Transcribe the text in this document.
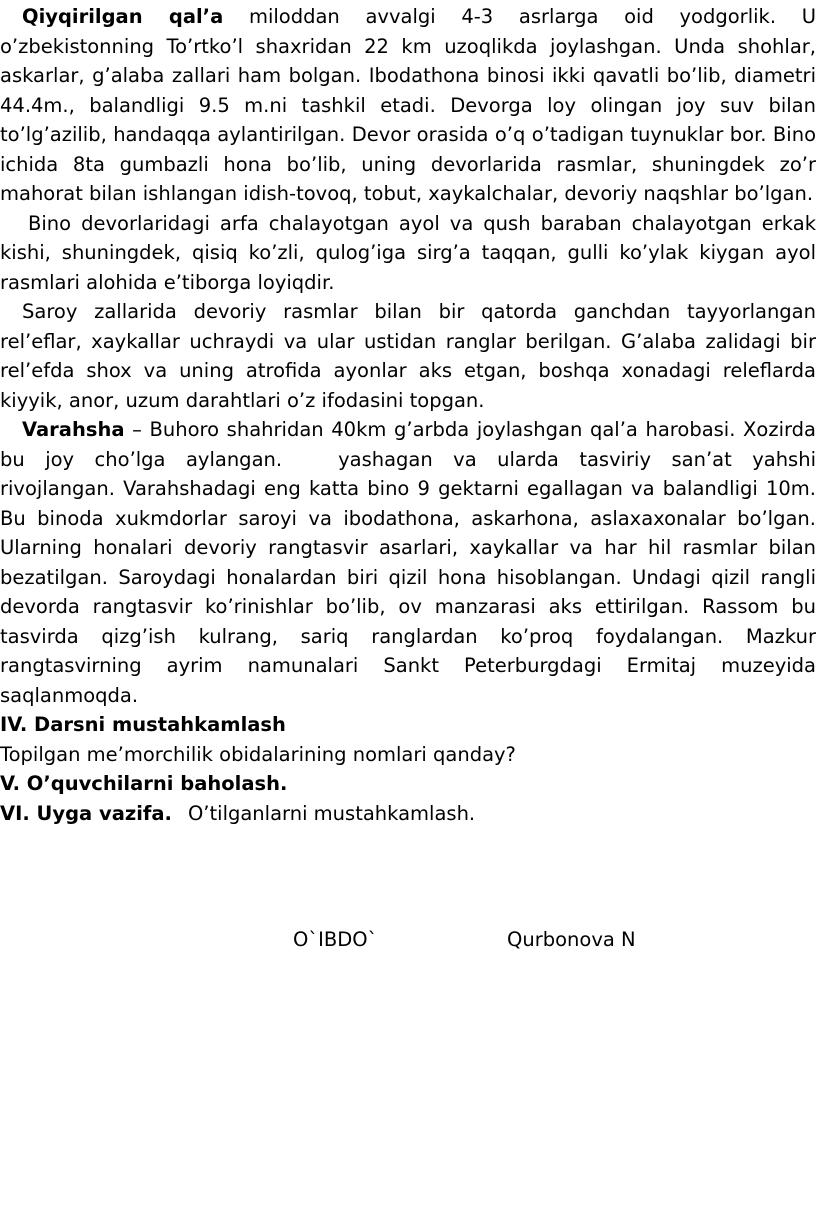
Qiyqirilgan qal’a miloddan avvalgi 4-3 asrlarga oid yodgorlik. U o’zbekistonning To’rtko’l shaxridan 22 km uzoqlikda joylashgan. Unda shohlar, askarlar, g’alaba zallari ham bolgan. Ibodathona binosi ikki qavatli bo’lib, diametri 44.4m., balandligi 9.5 m.ni tashkil etadi. Devorga loy olingan joy suv bilan to’lg’azilib, handaqqa aylantirilgan. Devor orasida o’q o’tadigan tuynuklar bor. Bino ichida 8ta gumbazli hona bo’lib, uning devorlarida rasmlar, shuningdek zo’r mahorat bilan ishlangan idish-tovoq, tobut, xaykalchalar, devoriy naqshlar bo’lgan.

Bino devorlaridagi arfa chalayotgan ayol va qush baraban chalayotgan erkak kishi, shuningdek, qisiq ko’zli, qulog’iga sirg’a taqqan, gulli ko’ylak kiygan ayol rasmlari alohida e’tiborga loyiqdir.

Saroy zallarida devoriy rasmlar bilan bir qatorda ganchdan tayyorlangan rel’eflar, xaykallar uchraydi va ular ustidan ranglar berilgan. G’alaba zalidagi bir rel’efda shox va uning atrofida ayonlar aks etgan, boshqa xonadagi releflarda kiyyik, anor, uzum darahtlari o’z ifodasini topgan.

Varahsha – Buhoro shahridan 40km g’arbda joylashgan qal’a harobasi. Xozirda bu joy cho’lga aylangan.	yashagan va ularda tasviriy san’at yahshi rivojlangan. Varahshadagi eng katta bino 9 gektarni egallagan va balandligi 10m. Bu binoda xukmdorlar saroyi va ibodathona, askarhona, aslaxaxonalar bo’lgan. Ularning honalari devoriy rangtasvir asarlari, xaykallar va har hil rasmlar bilan bezatilgan. Saroydagi honalardan biri qizil hona hisoblangan. Undagi qizil rangli devorda rangtasvir ko’rinishlar bo’lib, ov manzarasi aks ettirilgan. Rassom bu tasvirda qizg’ish kulrang, sariq ranglardan ko’proq foydalangan. Mazkur rangtasvirning ayrim namunalari Sankt Peterburgdagi Ermitaj muzeyida saqlanmoqda.

IV. Darsni mustahkamlash

Topilgan me’morchilik obidalarining nomlari qanday?

V. O’quvchilarni baholash.

VI. Uyga vazifa. O’tilganlarni mustahkamlash.

O`IBDO`	Qurbonova N
